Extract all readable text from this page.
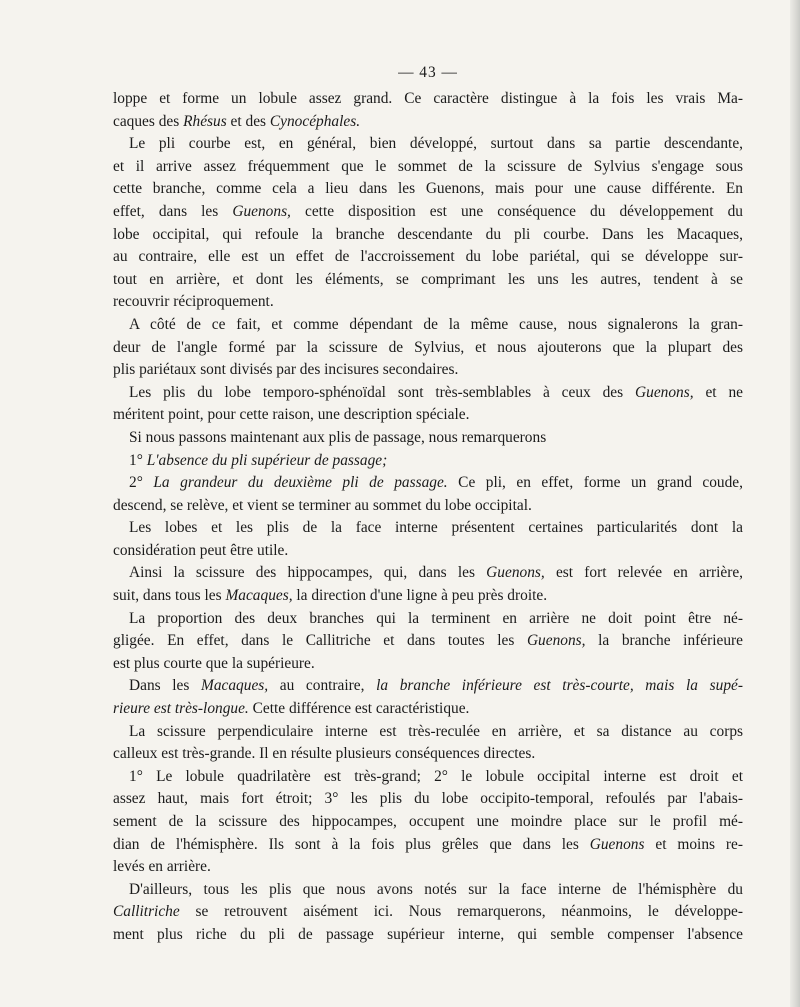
— 43 —
loppe et forme un lobule assez grand. Ce caractère distingue à la fois les vrais Ma-
caques des Rhésus et des Cynocéphales.
Le pli courbe est, en général, bien développé, surtout dans sa partie descendante,
et il arrive assez fréquemment que le sommet de la scissure de Sylvius s'engage sous
cette branche, comme cela a lieu dans les Guenons, mais pour une cause différente. En
effet, dans les Guenons, cette disposition est une conséquence du développement du
lobe occipital, qui refoule la branche descendante du pli courbe. Dans les Macaques,
au contraire, elle est un effet de l'accroissement du lobe pariétal, qui se développe sur-
tout en arrière, et dont les éléments, se comprimant les uns les autres, tendent à se
recouvrir réciproquement.
A côté de ce fait, et comme dépendant de la même cause, nous signalerons la gran-
deur de l'angle formé par la scissure de Sylvius, et nous ajouterons que la plupart des
plis pariétaux sont divisés par des incisures secondaires.
Les plis du lobe temporo-sphénoïdal sont très-semblables à ceux des Guenons, et ne
méritent point, pour cette raison, une description spéciale.
Si nous passons maintenant aux plis de passage, nous remarquerons
1° L'absence du pli supérieur de passage;
2° La grandeur du deuxième pli de passage. Ce pli, en effet, forme un grand coude,
descend, se relève, et vient se terminer au sommet du lobe occipital.
Les lobes et les plis de la face interne présentent certaines particularités dont la
considération peut être utile.
Ainsi la scissure des hippocampes, qui, dans les Guenons, est fort relevée en arrière,
suit, dans tous les Macaques, la direction d'une ligne à peu près droite.
La proportion des deux branches qui la terminent en arrière ne doit point être né-
gligée. En effet, dans le Callitriche et dans toutes les Guenons, la branche inférieure
est plus courte que la supérieure.
Dans les Macaques, au contraire, la branche inférieure est très-courte, mais la supé-
rieure est très-longue. Cette différence est caractéristique.
La scissure perpendiculaire interne est très-reculée en arrière, et sa distance au corps
calleux est très-grande. Il en résulte plusieurs conséquences directes.
1° Le lobule quadrilatère est très-grand; 2° le lobule occipital interne est droit et
assez haut, mais fort étroit; 3° les plis du lobe occipito-temporal, refoulés par l'abais-
sement de la scissure des hippocampes, occupent une moindre place sur le profil mé-
dian de l'hémisphère. Ils sont à la fois plus grêles que dans les Guenons et moins re-
levés en arrière.
D'ailleurs, tous les plis que nous avons notés sur la face interne de l'hémisphère du
Callitriche se retrouvent aisément ici. Nous remarquerons, néanmoins, le développe-
ment plus riche du pli de passage supérieur interne, qui semble compenser l'absence
